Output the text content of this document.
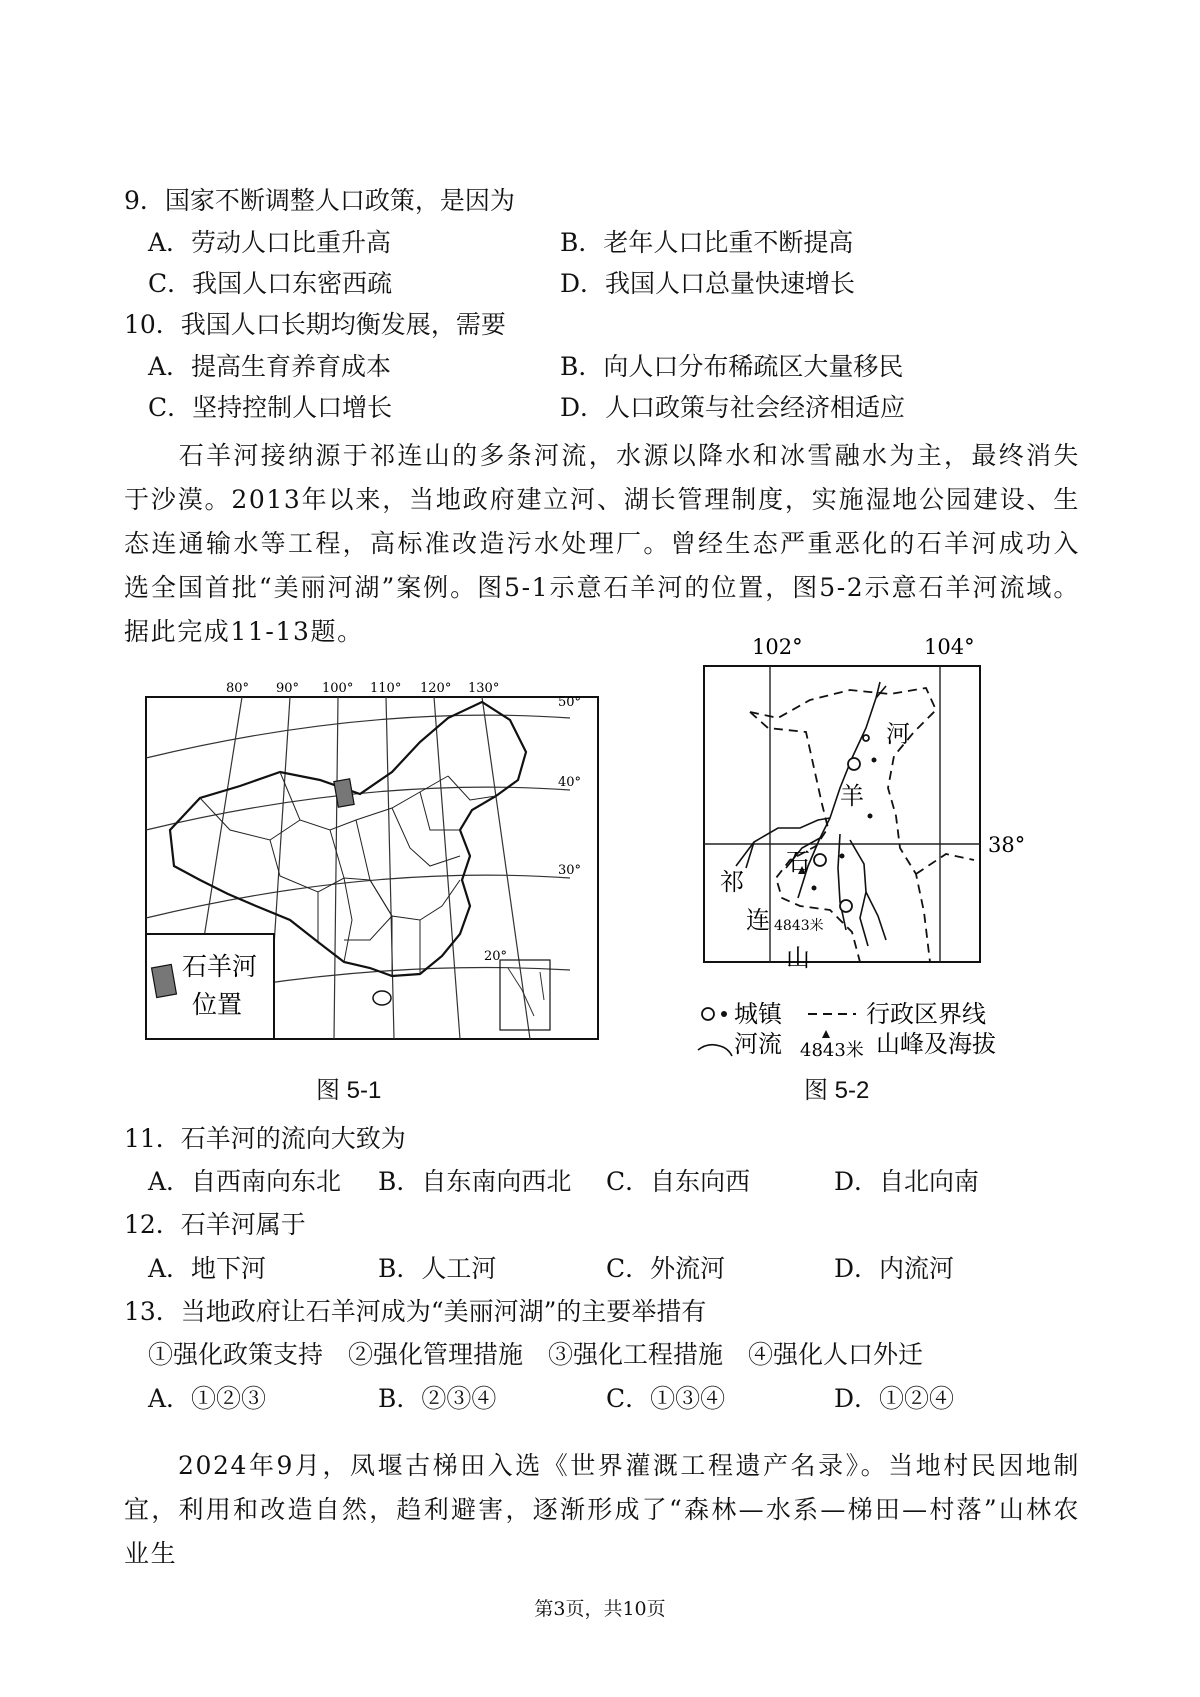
9．国家不断调整人口政策，是因为
A．劳动人口比重升高	B．老年人口比重不断提高
C．我国人口东密西疏	D．我国人口总量快速增长
10．我国人口长期均衡发展，需要
A．提高生育养育成本	B．向人口分布稀疏区大量移民
C．坚持控制人口增长	D．人口政策与社会经济相适应
石羊河接纳源于祁连山的多条河流，水源以降水和冰雪融水为主，最终消失于沙漠。2013年以来，当地政府建立河、湖长管理制度，实施湿地公园建设、生态连通输水等工程，高标准改造污水处理厂。曾经生态严重恶化的石羊河成功入选全国首批“美丽河湖”案例。图5-1示意石羊河的位置，图5-2示意石羊河流域。据此完成11-13题。
80° 90° 100° 110° 120° 130°
50°
40°
30°
20°
石羊河
位置
图 5-1
102°	104°
38°
河
羊
石
祁
连
山
4843米
城镇	行政区界线
河流 4843米 山峰及海拔
图 5-2
11．石羊河的流向大致为
A．自西南向东北 B．自东南向西北 C．自东向西	D．自北向南
12．石羊河属于
A．地下河	B．人工河	C．外流河	D．内流河
13．当地政府让石羊河成为“美丽河湖”的主要举措有
①强化政策支持　②强化管理措施　③强化工程措施　④强化人口外迁
A．①②③	B．②③④	C．①③④	D．①②④
2024年9月，凤堰古梯田入选《世界灌溉工程遗产名录》。当地村民因地制宜，利用和改造自然，趋利避害，逐渐形成了“森林—水系—梯田—村落”山林农业生
第3页，共10页
